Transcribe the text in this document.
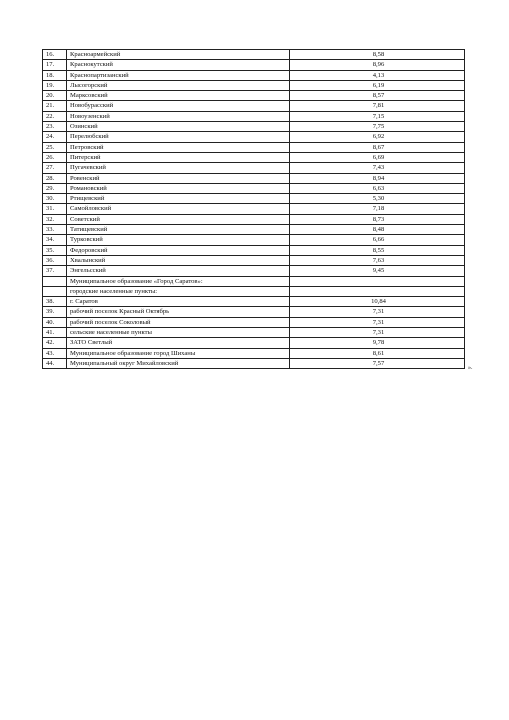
16.	Красноармейский	8,58
17.	Краснокутский	8,96
18.	Краснопартизанский	4,13
19.	Лысогорский	6,19
20.	Марксовский	8,57
21.	Новобурасский	7,81
22.	Новоузенский	7,15
23.	Озинский	7,75
24.	Перелюбский	6,92
25.	Петровский	8,67
26.	Питерский	6,69
27.	Пугачевский	7,43
28.	Ровенский	8,94
29.	Романовский	6,63
30.	Ртищевский	5,30
31.	Самойловский	7,18
32.	Советский	8,73
33.	Татищевский	8,48
34.	Турковский	6,66
35.	Федоровский	8,55
36.	Хвалынский	7,63
37.	Энгельсский	9,45
	Муниципальное образование «Город Саратов»:	
	городские населенные пункты:	
38.	г. Саратов	10,84
39.	рабочий поселок Красный Октябрь	7,31
40.	рабочий поселок Соколовый	7,31
41.	сельские населенные пункты	7,31
42.	ЗАТО Светлый	9,78
43.	Муниципальное образование город Шиханы	8,61
44.	Муниципальный округ Михайловский	7,57
».
